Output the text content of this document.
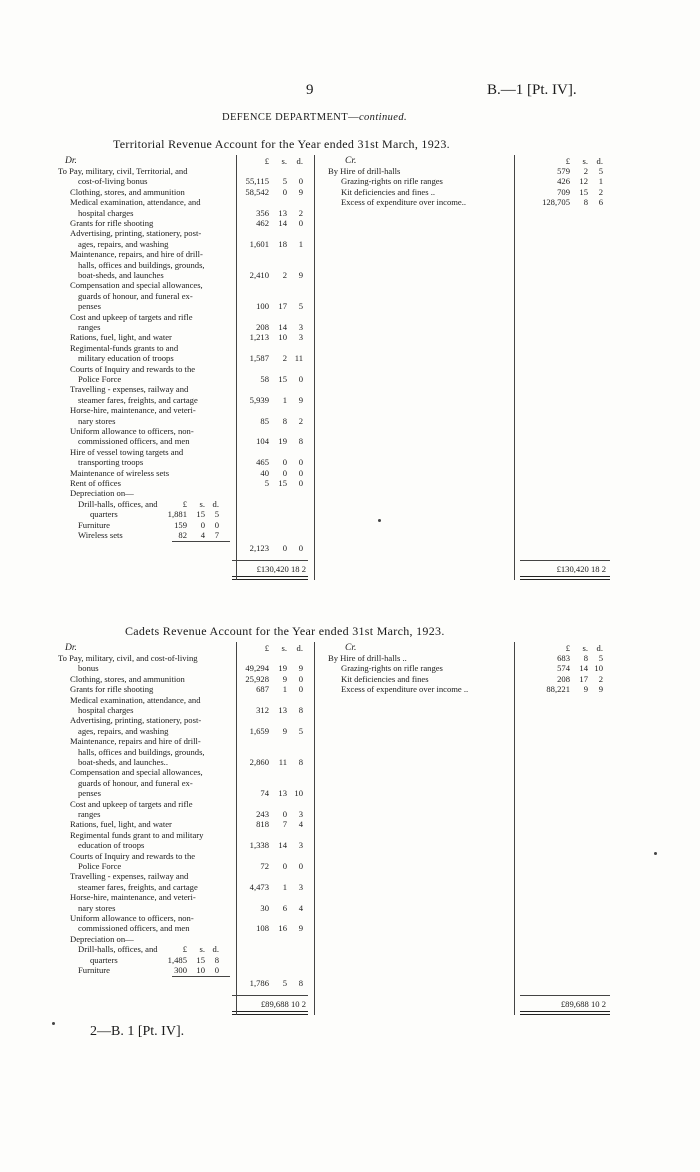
9	B.—1 [Pt. IV].
DEFENCE DEPARTMENT—continued.
Territorial Revenue Account for the Year ended 31st March, 1923.
Dr.	Cr.
£	s.	d.	£	s. d.
To Pay, military, civil, Territorial, and
cost-of-living bonus	55,115	5	0
Clothing, stores, and ammunition	58,542	0	9
Medical examination, attendance, and
hospital charges	356	13	2
Grants for rifle shooting	462	14	0
Advertising, printing, stationery, post-
ages, repairs, and washing	1,601	18	1
Maintenance, repairs, and hire of drill-
halls, offices and buildings, grounds,
boat-sheds, and launches	2,410	2	9
Compensation and special allowances,
guards of honour, and funeral ex-
penses	100	17	5
Cost and upkeep of targets and rifle
ranges	208	14	3
Rations, fuel, light, and water	1,213	10	3
Regimental-funds grants to and
military education of troops	1,587	2 11
Courts of Inquiry and rewards to the
Police Force	58	15	0
Travelling - expenses, railway and
steamer fares, freights, and cartage	5,939	1	9
Horse-hire, maintenance, and veteri-
nary stores	85	8	2
Uniform allowance to officers, non-
commissioned officers, and men	104	19	8
Hire of vessel towing targets and
transporting troops	465	0	0
Maintenance of wireless sets	40	0	0
Rent of offices	5	15	0
Depreciation on—
£	s. d.
Drill-halls, offices, and
quarters	1,881	15	5
Furniture	159	0	0
Wireless sets	82	4	7
2,123	0	0
£130,420 18 2	£130,420 18 2
By Hire of drill-halls	579	2	5
Grazing-rights on rifle ranges	426	12	1
Kit deficiencies and fines ..	709	15	2
Excess of expenditure over income..	128,705	8	6
Cadets Revenue Account for the Year ended 31st March, 1923.
Dr.	Cr.
£	s.	d.	£	s. d.
To Pay, military, civil, and cost-of-living
bonus	49,294	19	9
Clothing, stores, and ammunition	25,928	9	0
Grants for rifle shooting	687	1	0
Medical examination, attendance, and
hospital charges	312	13	8
Advertising, printing, stationery, post-
ages, repairs, and washing	1,659	9	5
Maintenance, repairs and hire of drill-
halls, offices and buildings, grounds,
boat-sheds, and launches..	2,860	11	8
Compensation and special allowances,
guards of honour, and funeral ex-
penses	74	13 10
Cost and upkeep of targets and rifle
ranges	243	0	3
Rations, fuel, light, and water	818	7	4
Regimental funds grant to and military
education of troops	1,338	14	3
Courts of Inquiry and rewards to the
Police Force	72	0	0
Travelling - expenses, railway and
steamer fares, freights, and cartage	4,473	1	3
Horse-hire, maintenance, and veteri-
nary stores	30	6	4
Uniform allowance to officers, non-
commissioned officers, and men	108	16	9
Depreciation on—
£	s. d.
Drill-halls, offices, and
quarters	1,485	15	8
Furniture	300	10	0
1,786	5	8
£89,688 10 2	£89,688 10 2
By Hire of drill-halls ..	683	8	5
Grazing-rights on rifle ranges	574	14 10
Kit deficiencies and fines	208	17	2
Excess of expenditure over income ..	88,221	9	9
2—B. 1 [Pt. IV].
